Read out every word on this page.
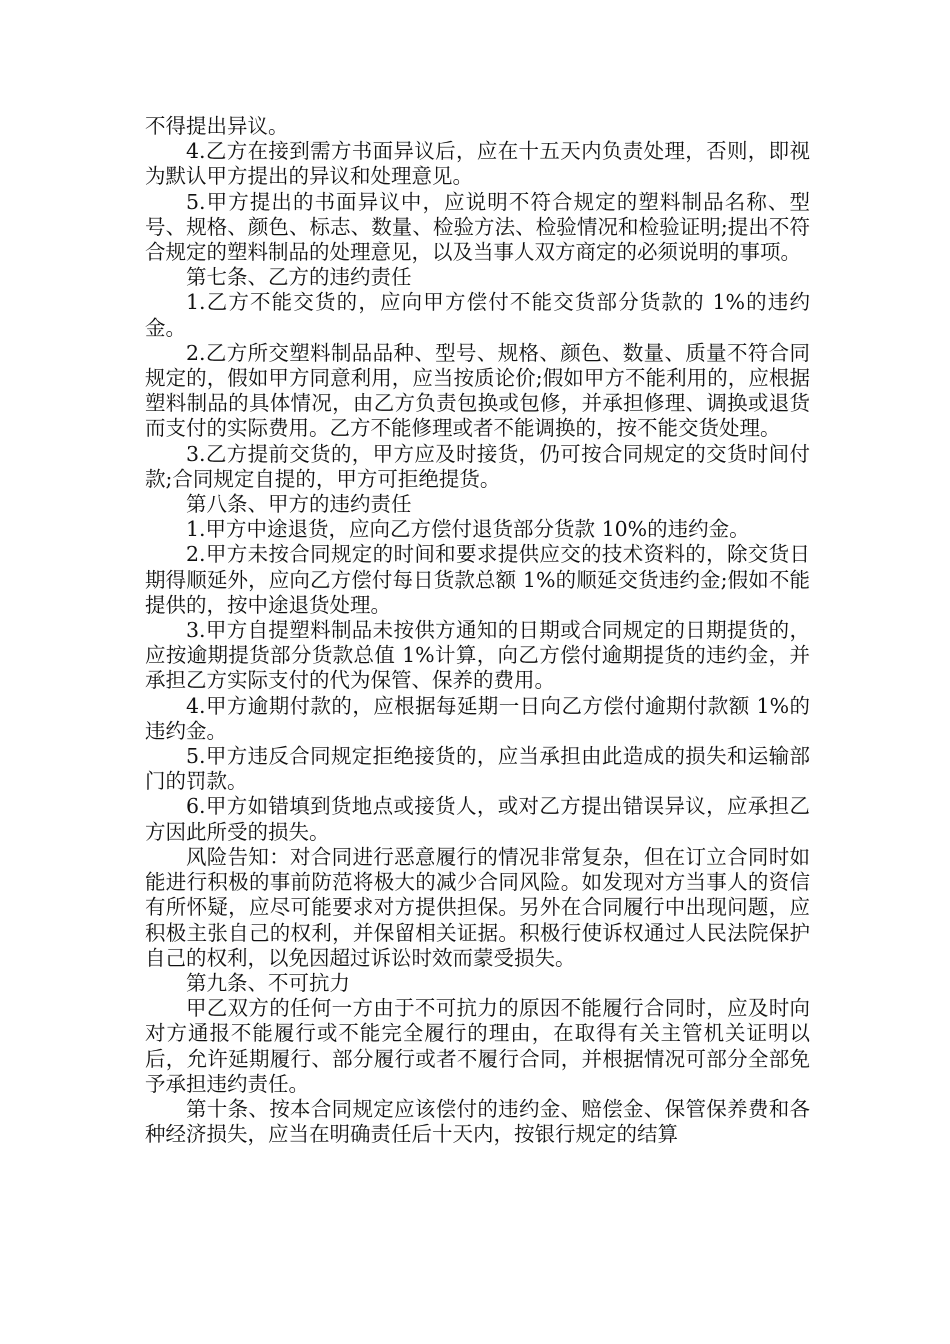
不得提出异议。

4.乙方在接到需方书面异议后，应在十五天内负责处理，否则，即视为默认甲方提出的异议和处理意见。

5.甲方提出的书面异议中，应说明不符合规定的塑料制品名称、型号、规格、颜色、标志、数量、检验方法、检验情况和检验证明;提出不符合规定的塑料制品的处理意见，以及当事人双方商定的必须说明的事项。

第七条、乙方的违约责任

1.乙方不能交货的，应向甲方偿付不能交货部分货款的 1%的违约金。

2.乙方所交塑料制品品种、型号、规格、颜色、数量、质量不符合同规定的，假如甲方同意利用，应当按质论价;假如甲方不能利用的，应根据塑料制品的具体情况，由乙方负责包换或包修，并承担修理、调换或退货而支付的实际费用。乙方不能修理或者不能调换的，按不能交货处理。

3.乙方提前交货的，甲方应及时接货，仍可按合同规定的交货时间付款;合同规定自提的，甲方可拒绝提货。

第八条、甲方的违约责任

1.甲方中途退货，应向乙方偿付退货部分货款 10%的违约金。

2.甲方未按合同规定的时间和要求提供应交的技术资料的，除交货日期得顺延外，应向乙方偿付每日货款总额 1%的顺延交货违约金;假如不能提供的，按中途退货处理。

3.甲方自提塑料制品未按供方通知的日期或合同规定的日期提货的，应按逾期提货部分货款总值 1%计算，向乙方偿付逾期提货的违约金，并承担乙方实际支付的代为保管、保养的费用。

4.甲方逾期付款的，应根据每延期一日向乙方偿付逾期付款额 1%的违约金。

5.甲方违反合同规定拒绝接货的，应当承担由此造成的损失和运输部门的罚款。

6.甲方如错填到货地点或接货人，或对乙方提出错误异议，应承担乙方因此所受的损失。

风险告知：对合同进行恶意履行的情况非常复杂，但在订立合同时如能进行积极的事前防范将极大的减少合同风险。如发现对方当事人的资信有所怀疑，应尽可能要求对方提供担保。另外在合同履行中出现问题，应积极主张自己的权利，并保留相关证据。积极行使诉权通过人民法院保护自己的权利，以免因超过诉讼时效而蒙受损失。

第九条、不可抗力

甲乙双方的任何一方由于不可抗力的原因不能履行合同时，应及时向对方通报不能履行或不能完全履行的理由，在取得有关主管机关证明以后，允许延期履行、部分履行或者不履行合同，并根据情况可部分全部免予承担违约责任。

第十条、按本合同规定应该偿付的违约金、赔偿金、保管保养费和各种经济损失，应当在明确责任后十天内，按银行规定的结算
